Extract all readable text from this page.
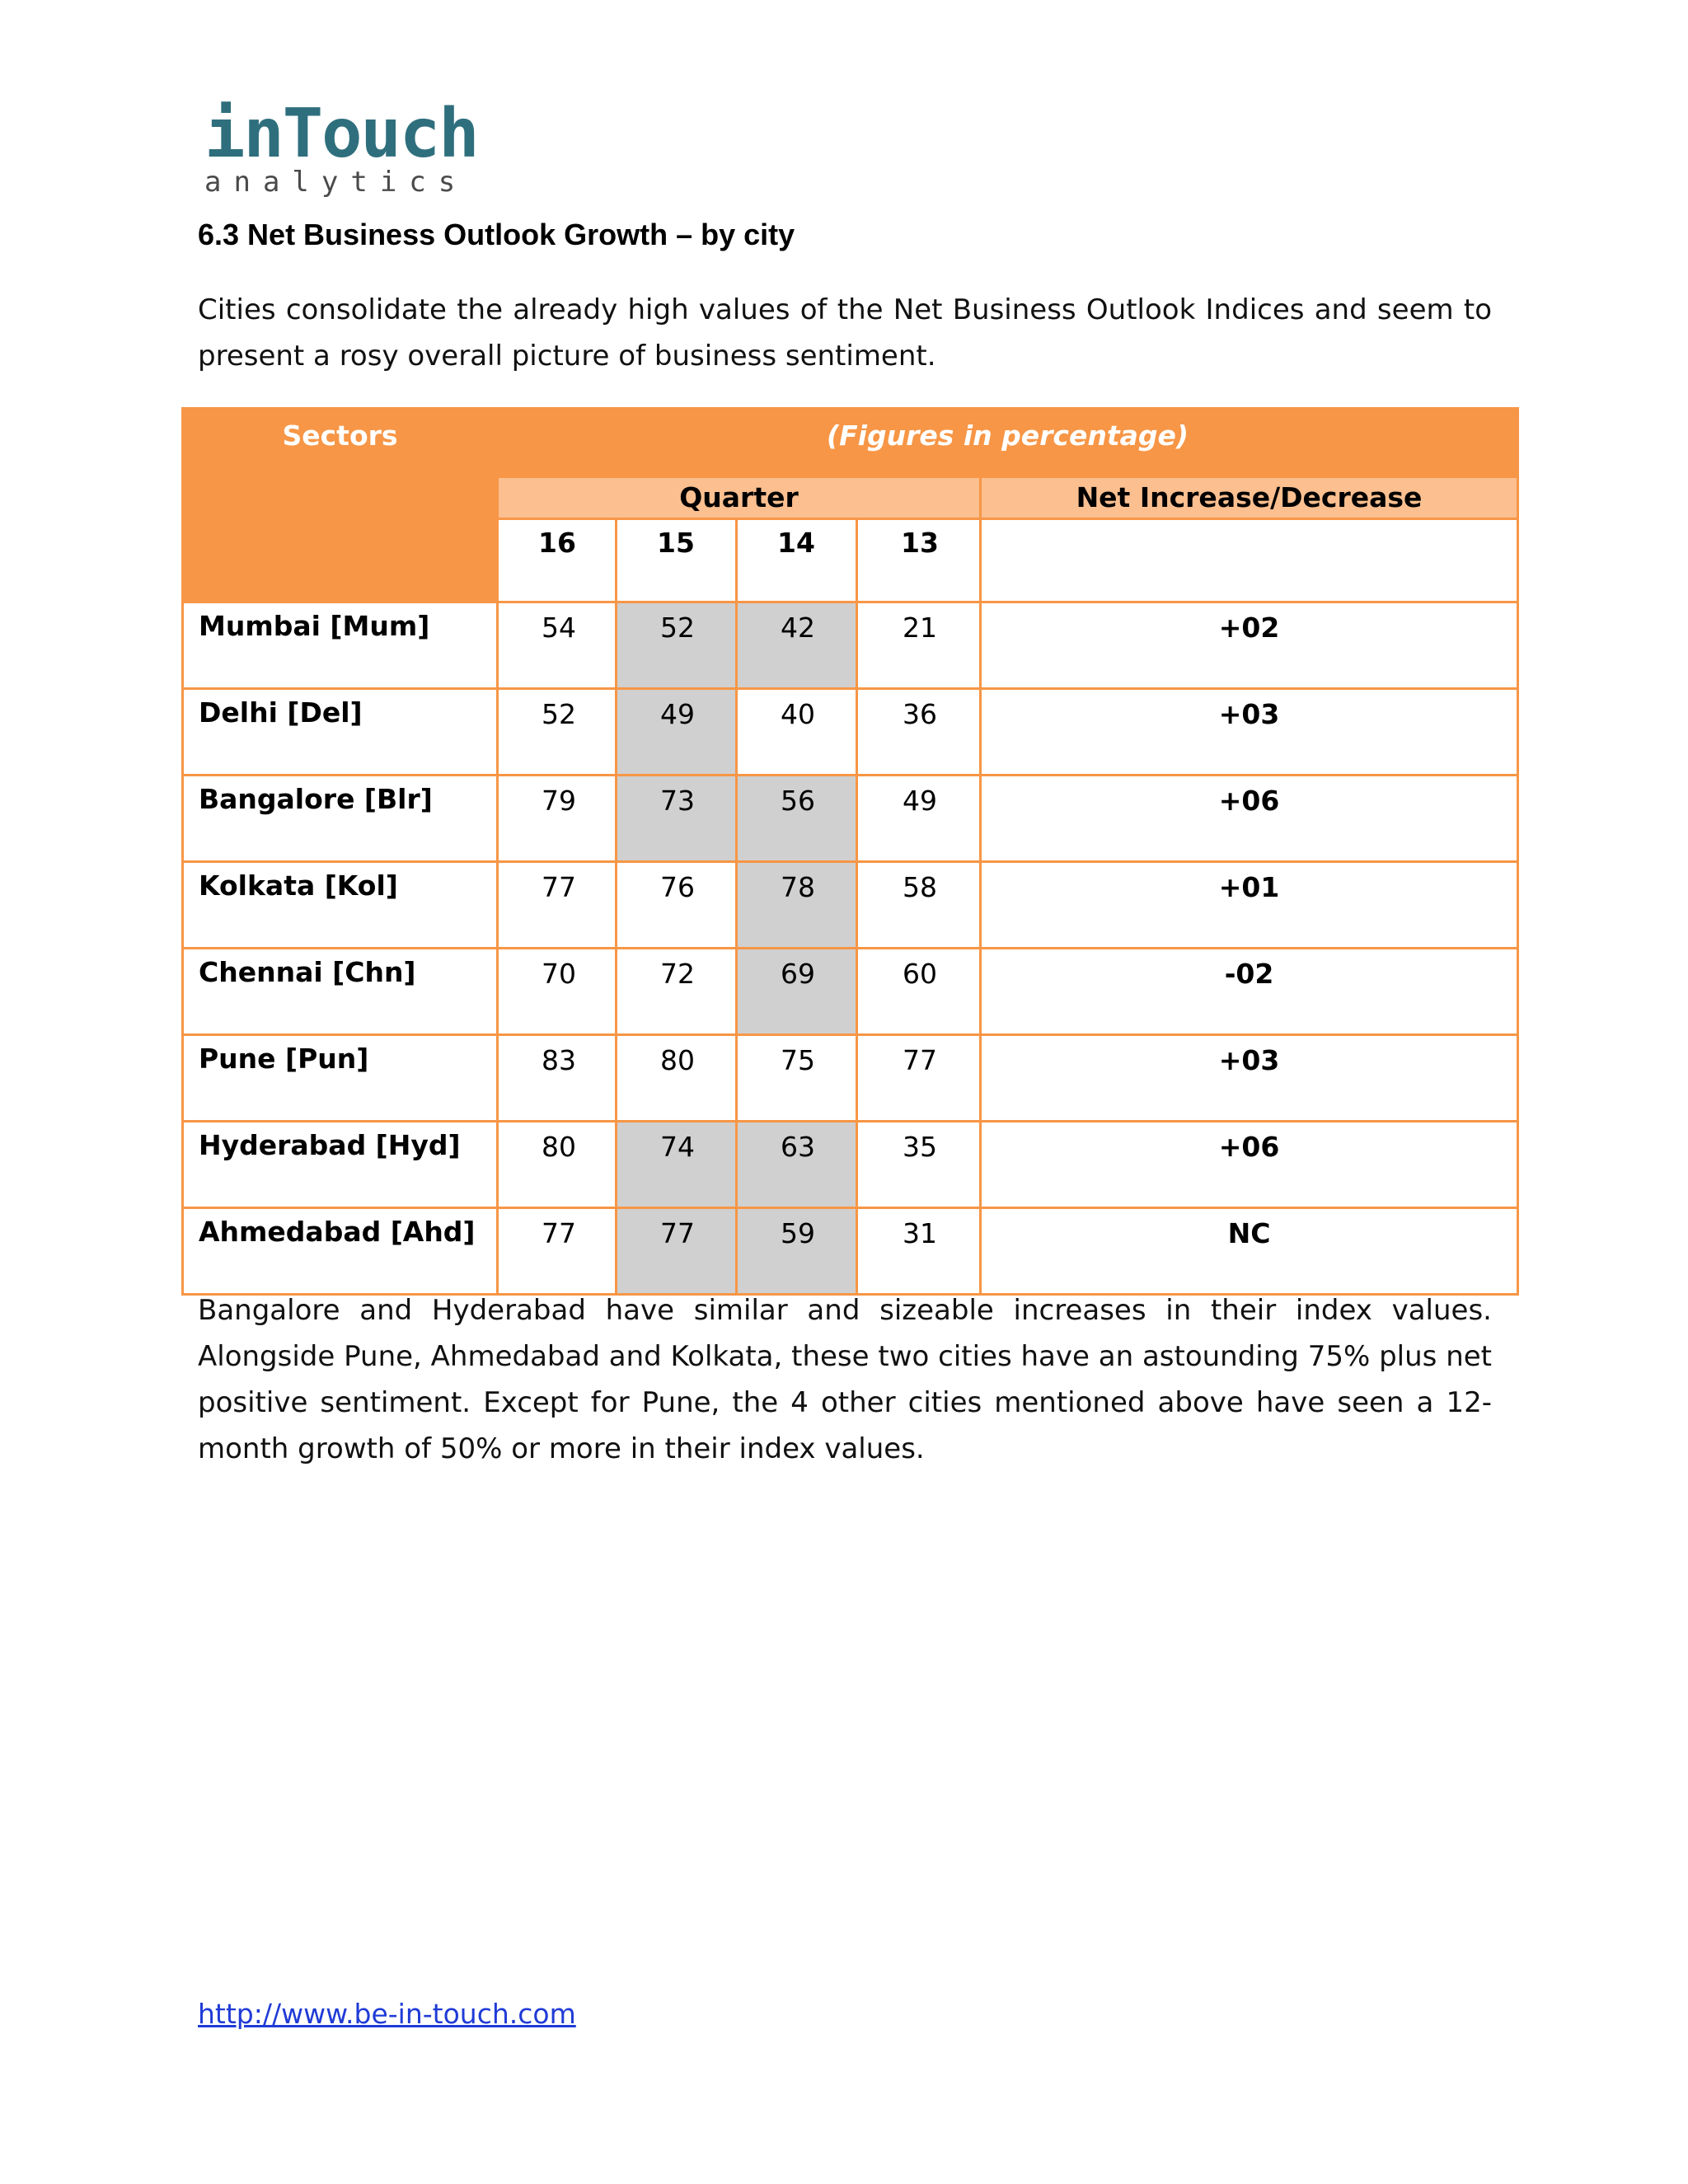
inTouch
analytics
6.3 Net Business Outlook Growth – by city

Cities consolidate the already high values of the Net Business Outlook Indices and seem to present a rosy overall picture of business sentiment.

Sectors	(Figures in percentage)				
	Quarter				Net Increase/Decrease
	16	15	14	13	
Mumbai [Mum]	54	52	42	21	+02
Delhi [Del]	52	49	40	36	+03
Bangalore [Blr]	79	73	56	49	+06
Kolkata [Kol]	77	76	78	58	+01
Chennai [Chn]	70	72	69	60	-02
Pune [Pun]	83	80	75	77	+03
Hyderabad [Hyd]	80	74	63	35	+06
Ahmedabad [Ahd]	77	77	59	31	NC

Bangalore and Hyderabad have similar and sizeable increases in their index values. Alongside Pune, Ahmedabad and Kolkata, these two cities have an astounding 75% plus net positive sentiment. Except for Pune, the 4 other cities mentioned above have seen a 12-month growth of 50% or more in their index values.

http://www.be-in-touch.com
